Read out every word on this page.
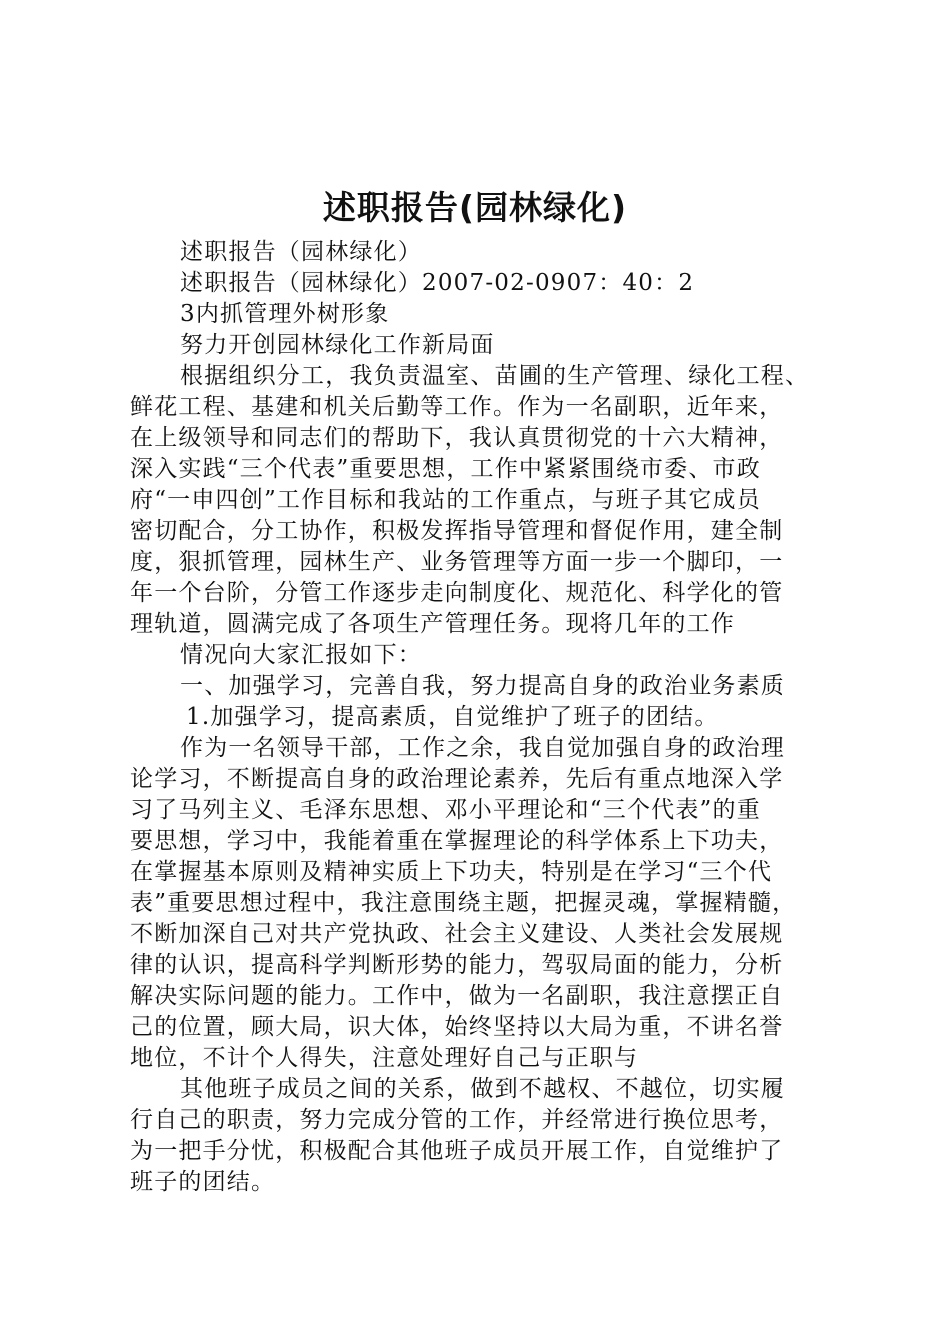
述职报告(园林绿化)
述职报告（园林绿化）
述职报告（园林绿化）2007-02-0907：40：2
3内抓管理外树形象
努力开创园林绿化工作新局面
根据组织分工，我负责温室、苗圃的生产管理、绿化工程、
鲜花工程、基建和机关后勤等工作。作为一名副职，近年来，
在上级领导和同志们的帮助下，我认真贯彻党的十六大精神，
深入实践“三个代表”重要思想，工作中紧紧围绕市委、市政
府“一申四创”工作目标和我站的工作重点，与班子其它成员
密切配合，分工协作，积极发挥指导管理和督促作用，建全制
度，狠抓管理，园林生产、业务管理等方面一步一个脚印，一
年一个台阶，分管工作逐步走向制度化、规范化、科学化的管
理轨道，圆满完成了各项生产管理任务。现将几年的工作
情况向大家汇报如下：
一、加强学习，完善自我，努力提高自身的政治业务素质
1.加强学习，提高素质，自觉维护了班子的团结。
作为一名领导干部，工作之余，我自觉加强自身的政治理
论学习，不断提高自身的政治理论素养，先后有重点地深入学
习了马列主义、毛泽东思想、邓小平理论和“三个代表”的重
要思想，学习中，我能着重在掌握理论的科学体系上下功夫，
在掌握基本原则及精神实质上下功夫，特别是在学习“三个代
表”重要思想过程中，我注意围绕主题，把握灵魂，掌握精髓，
不断加深自己对共产党执政、社会主义建设、人类社会发展规
律的认识，提高科学判断形势的能力，驾驭局面的能力，分析
解决实际问题的能力。工作中，做为一名副职，我注意摆正自
己的位置，顾大局，识大体，始终坚持以大局为重，不讲名誉
地位，不计个人得失，注意处理好自己与正职与
其他班子成员之间的关系，做到不越权、不越位，切实履
行自己的职责，努力完成分管的工作，并经常进行换位思考，
为一把手分忧，积极配合其他班子成员开展工作，自觉维护了
班子的团结。
